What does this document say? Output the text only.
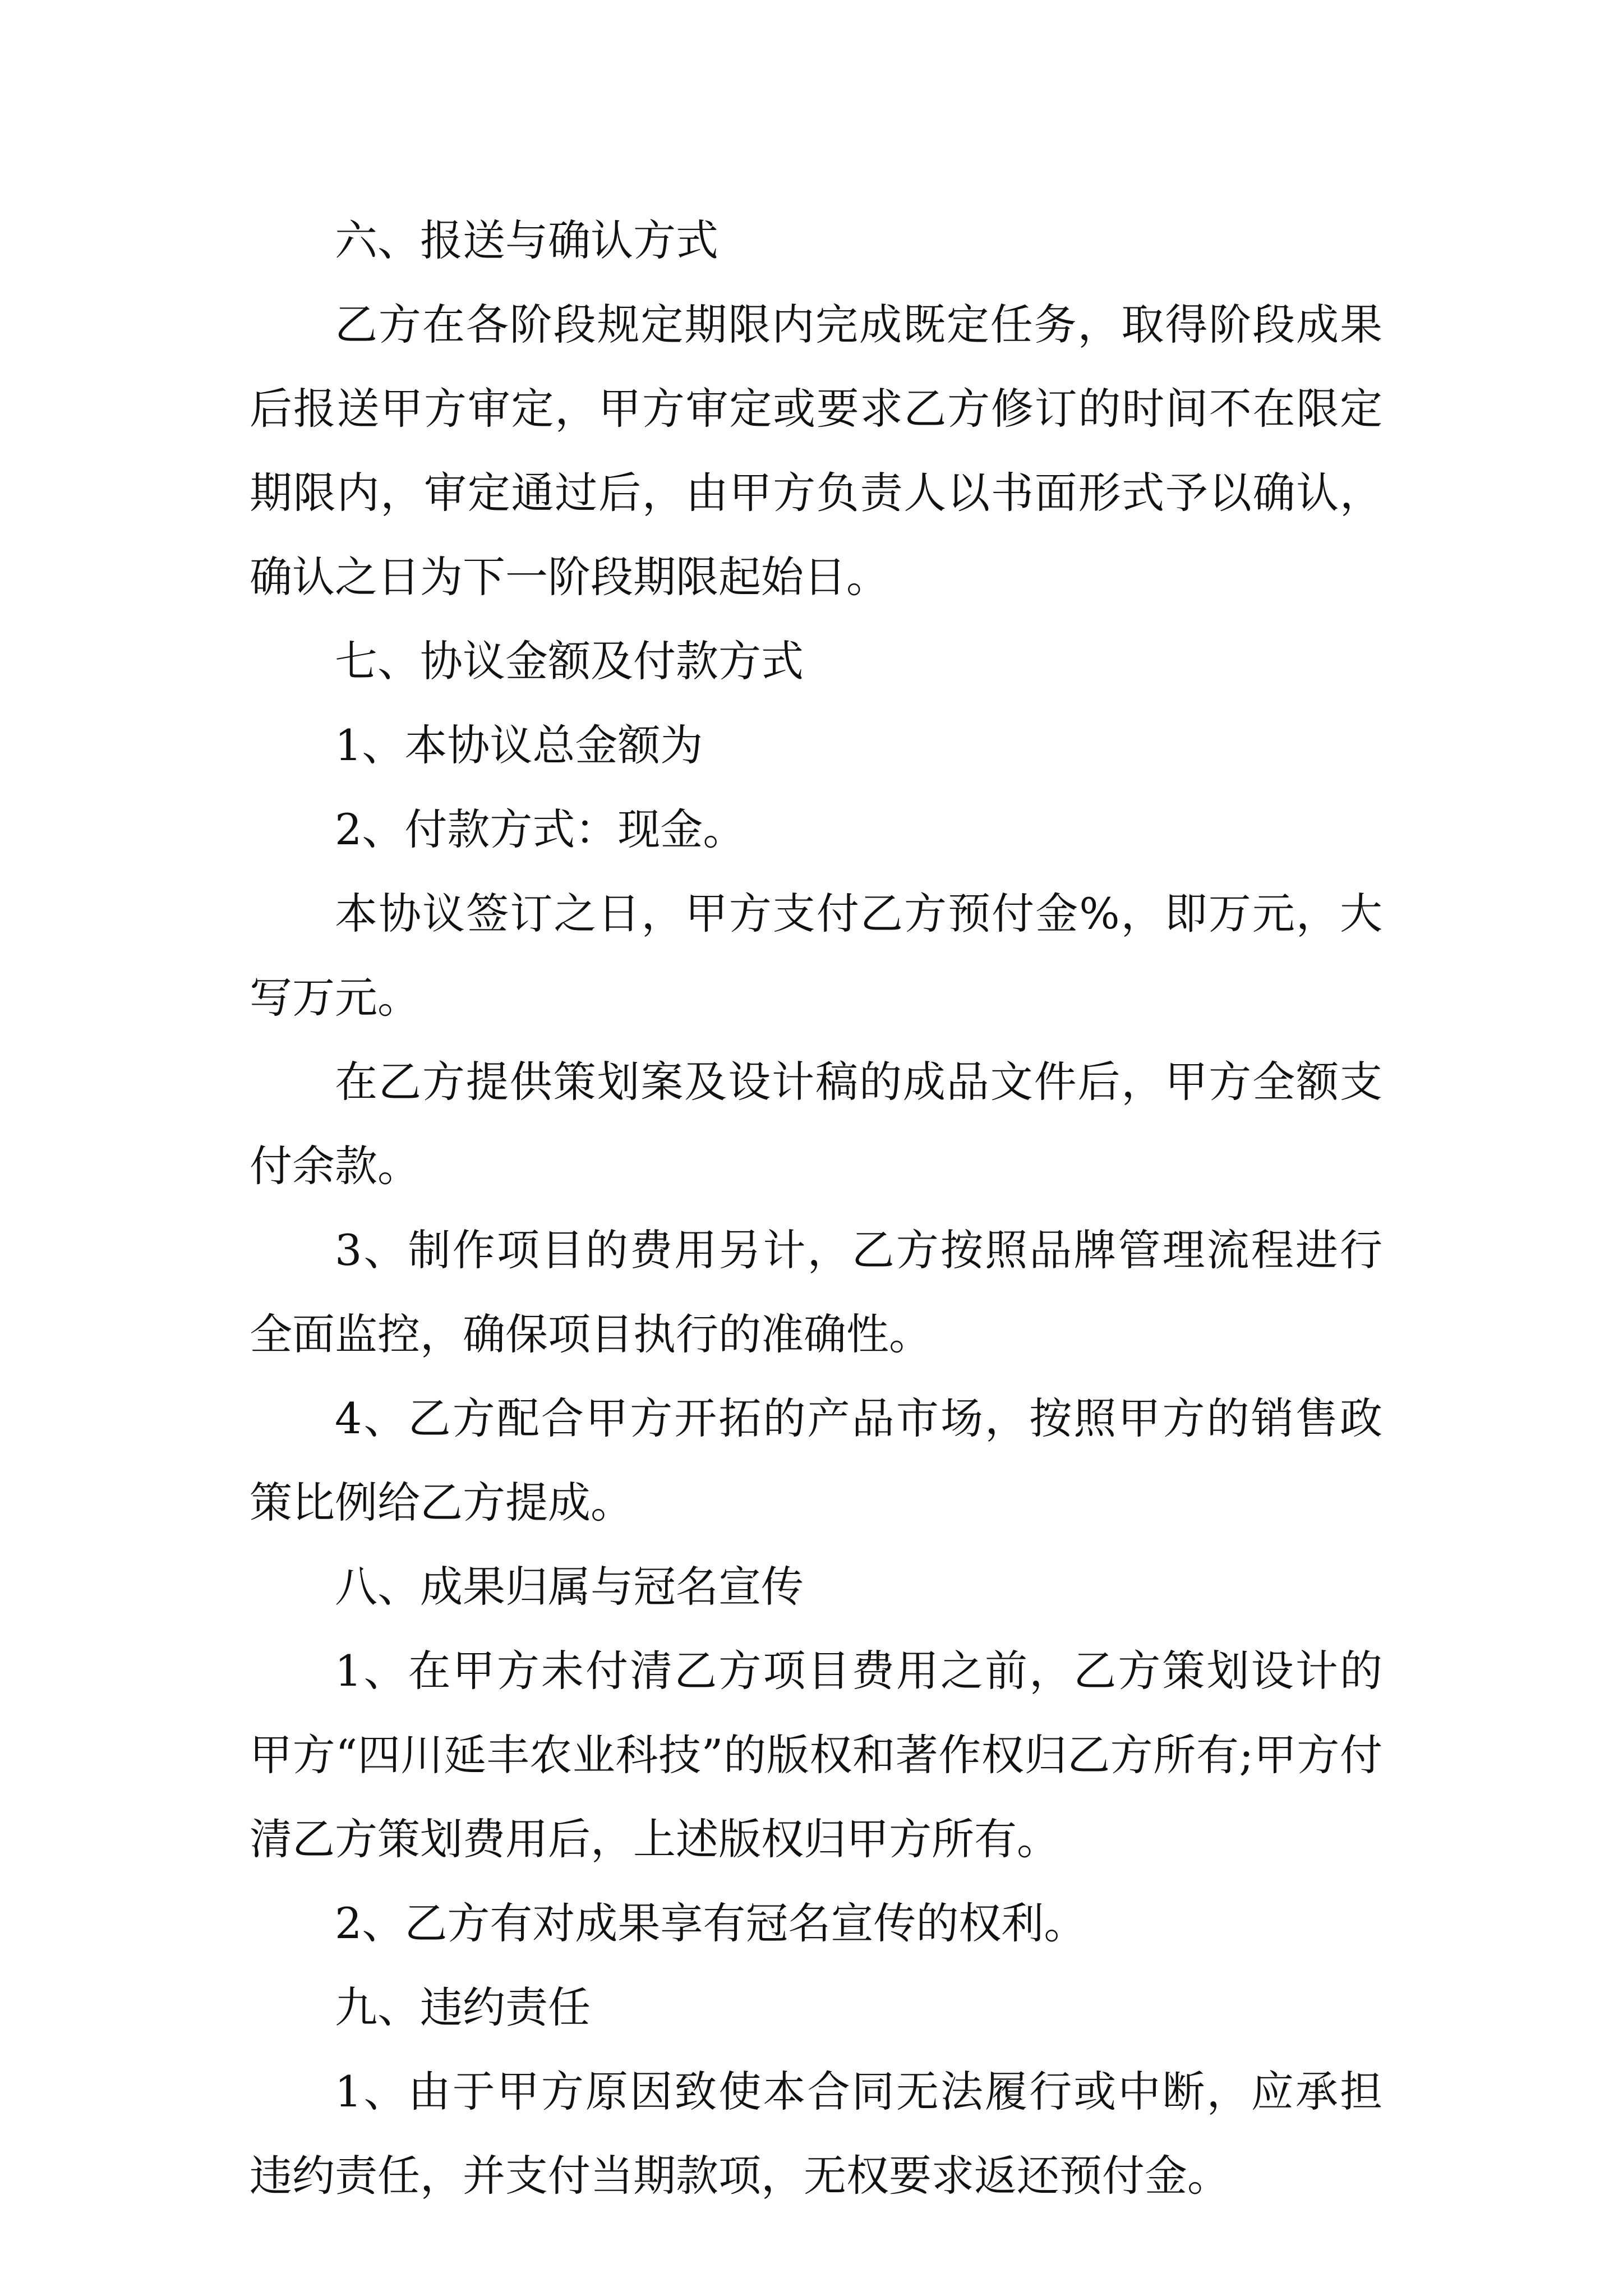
六、报送与确认方式

乙方在各阶段规定期限内完成既定任务，取得阶段成果后报送甲方审定，甲方审定或要求乙方修订的时间不在限定期限内，审定通过后，由甲方负责人以书面形式予以确认，确认之日为下一阶段期限起始日。

七、协议金额及付款方式

1、本协议总金额为

2、付款方式：现金。

本协议签订之日，甲方支付乙方预付金%，即万元，大写万元。

在乙方提供策划案及设计稿的成品文件后，甲方全额支付余款。

3、制作项目的费用另计，乙方按照品牌管理流程进行全面监控，确保项目执行的准确性。

4、乙方配合甲方开拓的产品市场，按照甲方的销售政策比例给乙方提成。

八、成果归属与冠名宣传

1、在甲方未付清乙方项目费用之前，乙方策划设计的甲方“四川延丰农业科技”的版权和著作权归乙方所有;甲方付清乙方策划费用后，上述版权归甲方所有。

2、乙方有对成果享有冠名宣传的权利。

九、违约责任

1、由于甲方原因致使本合同无法履行或中断，应承担违约责任，并支付当期款项，无权要求返还预付金。
